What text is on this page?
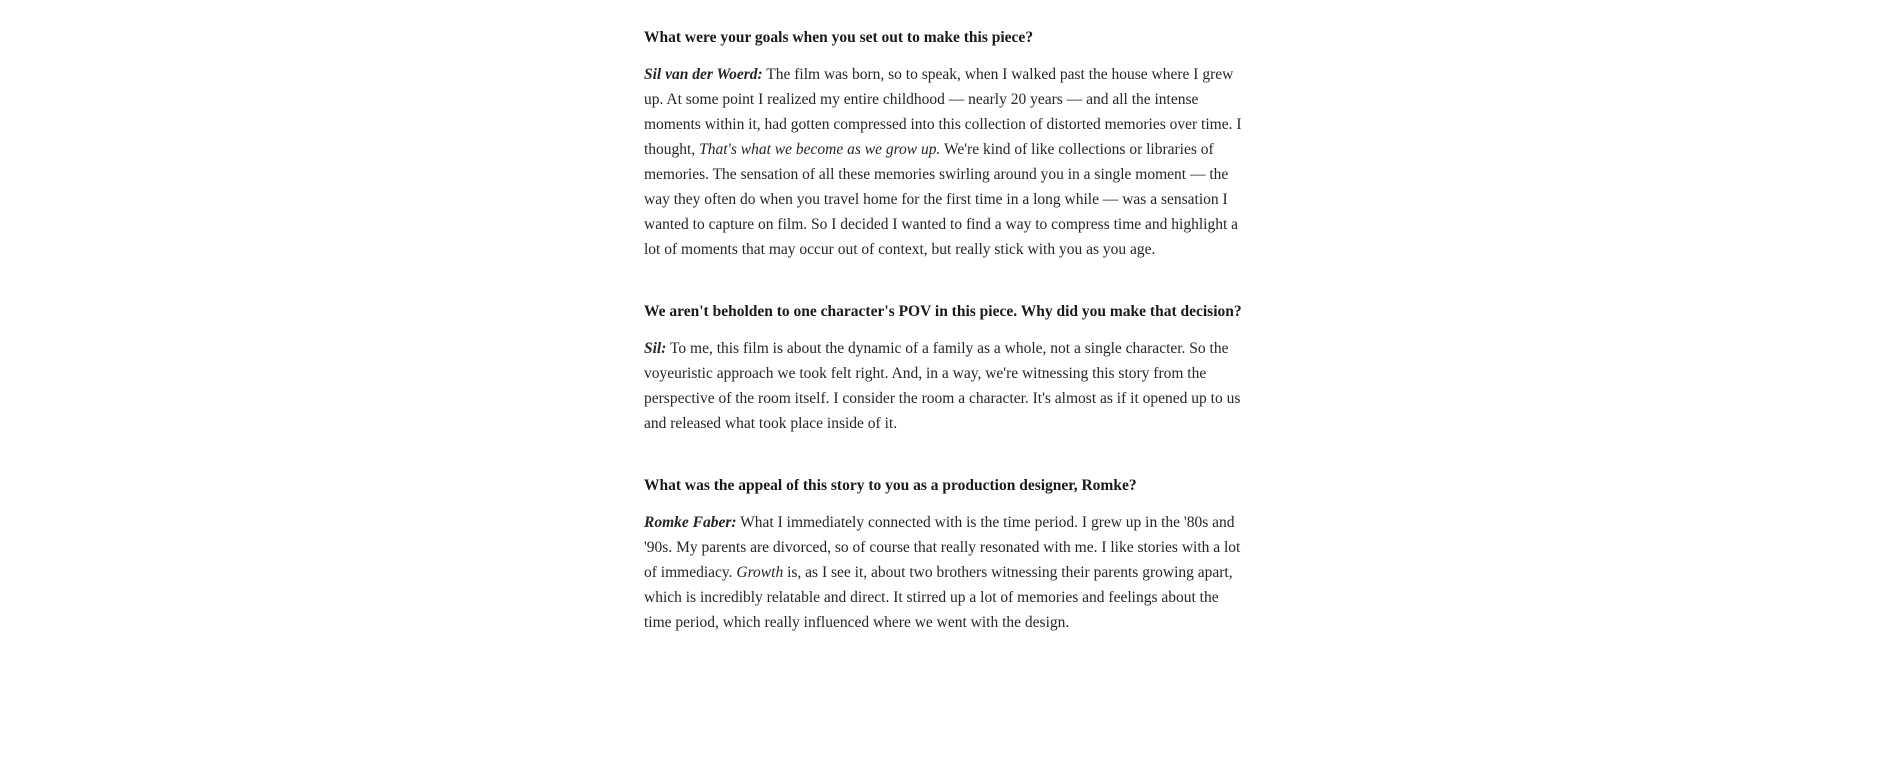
What were your goals when you set out to make this piece?

Sil van der Woerd: The film was born, so to speak, when I walked past the house where I grew up. At some point I realized my entire childhood — nearly 20 years — and all the intense moments within it, had gotten compressed into this collection of distorted memories over time. I thought, That's what we become as we grow up. We're kind of like collections or libraries of memories. The sensation of all these memories swirling around you in a single moment — the way they often do when you travel home for the first time in a long while — was a sensation I wanted to capture on film. So I decided I wanted to find a way to compress time and highlight a lot of moments that may occur out of context, but really stick with you as you age.

We aren't beholden to one character's POV in this piece. Why did you make that decision?

Sil: To me, this film is about the dynamic of a family as a whole, not a single character. So the voyeuristic approach we took felt right. And, in a way, we're witnessing this story from the perspective of the room itself. I consider the room a character. It's almost as if it opened up to us and released what took place inside of it.

What was the appeal of this story to you as a production designer, Romke?

Romke Faber: What I immediately connected with is the time period. I grew up in the '80s and '90s. My parents are divorced, so of course that really resonated with me. I like stories with a lot of immediacy. Growth is, as I see it, about two brothers witnessing their parents growing apart, which is incredibly relatable and direct. It stirred up a lot of memories and feelings about the time period, which really influenced where we went with the design.
